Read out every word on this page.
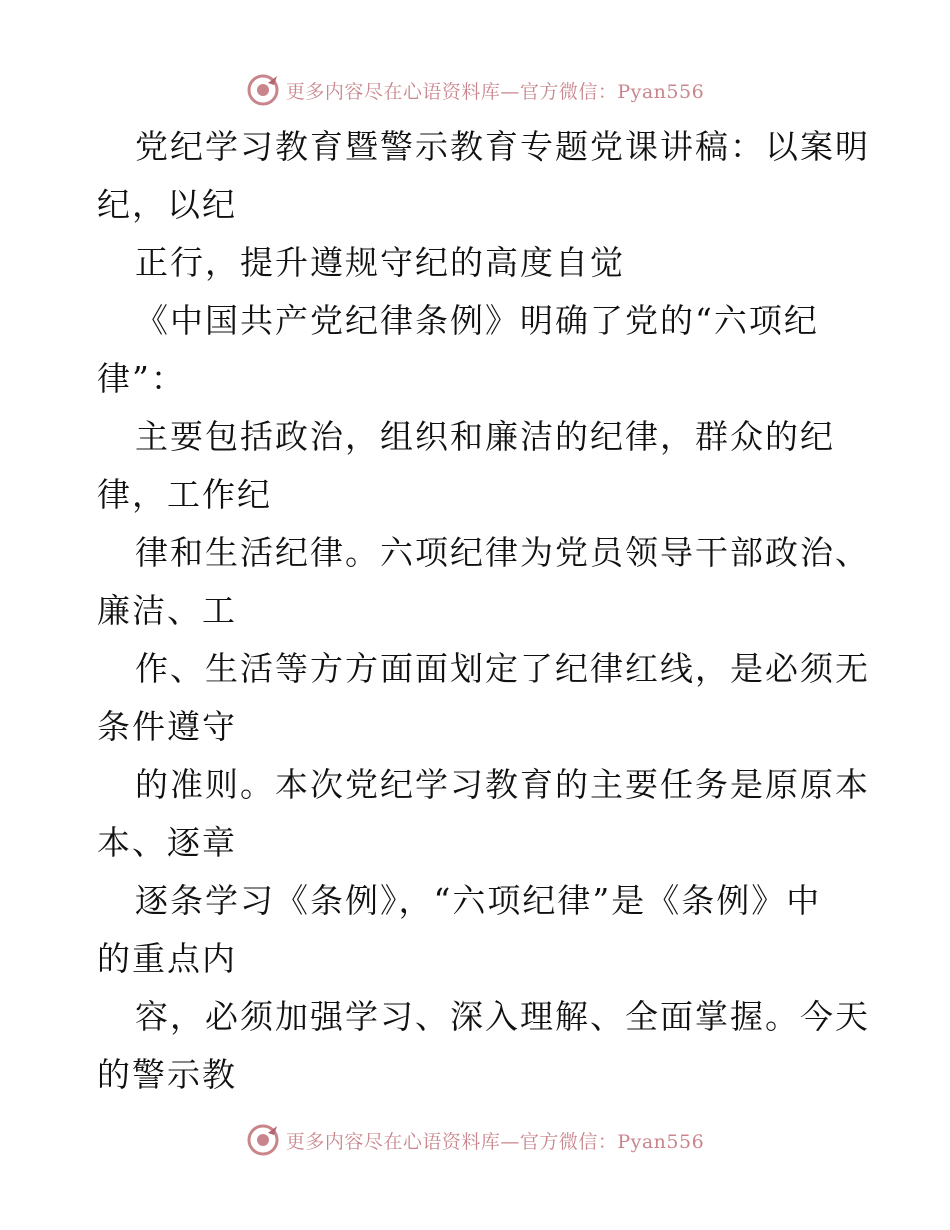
更多内容尽在心语资料库—官方微信：Pyan556
党纪学习教育暨警示教育专题党课讲稿：以案明
纪，以纪
正行，提升遵规守纪的高度自觉
《中国共产党纪律条例》明确了党的“六项纪
律”：
主要包括政治，组织和廉洁的纪律，群众的纪
律，工作纪
律和生活纪律。六项纪律为党员领导干部政治、
廉洁、工
作、生活等方方面面划定了纪律红线，是必须无
条件遵守
的准则。本次党纪学习教育的主要任务是原原本
本、逐章
逐条学习《条例》，“六项纪律”是《条例》中
的重点内
容，必须加强学习、深入理解、全面掌握。今天
的警示教
更多内容尽在心语资料库—官方微信：Pyan556
